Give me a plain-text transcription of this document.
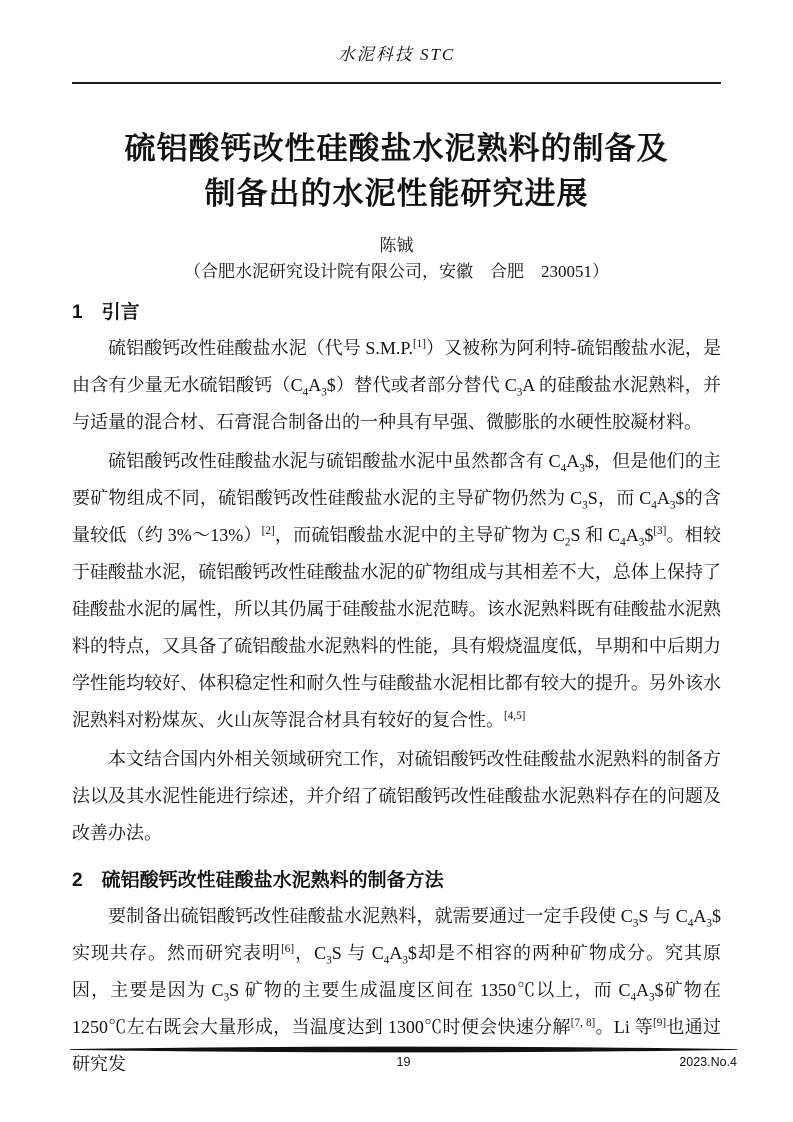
水泥科技 STC
硫铝酸钙改性硅酸盐水泥熟料的制备及
制备出的水泥性能研究进展
陈铖
（合肥水泥研究设计院有限公司，安徽　合肥　230051）
1　引言

硫铝酸钙改性硅酸盐水泥（代号 S.M.P.[1]）又被称为阿利特-硫铝酸盐水泥，是由含有少量无水硫铝酸钙$(C_4A_3\$)$替代或者部分替代 $C_3A$ 的硅酸盐水泥熟料，并与适量的混合材、石膏混合制备出的一种具有早强、微膨胀的水硬性胶凝材料。

硫铝酸钙改性硅酸盐水泥与硫铝酸盐水泥中虽然都含有 $C_4A_3\$$，但是他们的主要矿物组成不同，硫铝酸钙改性硅酸盐水泥的主导矿物仍然为 $C_3S$，而 $C_4A_3\$$的含量较低（约 3%～13%）[2]，而硫铝酸盐水泥中的主导矿物为 $C_2S$ 和 $C_4A_3\$[3]$。相较于硅酸盐水泥，硫铝酸钙改性硅酸盐水泥的矿物组成与其相差不大，总体上保持了硅酸盐水泥的属性，所以其仍属于硅酸盐水泥范畴。该水泥熟料既有硅酸盐水泥熟料的特点，又具备了硫铝酸盐水泥熟料的性能，具有煅烧温度低，早期和中后期力学性能均较好、体积稳定性和耐久性与硅酸盐水泥相比都有较大的提升。另外该水泥熟料对粉煤灰、火山灰等混合材具有较好的复合性。[4,5]

本文结合国内外相关领域研究工作，对硫铝酸钙改性硅酸盐水泥熟料的制备方法以及其水泥性能进行综述，并介绍了硫铝酸钙改性硅酸盐水泥熟料存在的问题及改善办法。

2　硫铝酸钙改性硅酸盐水泥熟料的制备方法

要制备出硫铝酸钙改性硅酸盐水泥熟料，就需要通过一定手段使 $C_3S$ 与 $C_4A_3\$$ 实现共存。然而研究表明[6]，$C_3S$ 与 $C_4A_3\$$却是不相容的两种矿物成分。究其原因，主要是因为 $C_3S$ 矿物的主要生成温度区间在 1350℃以上，而 $C_4A_3\$$矿物在 1250℃左右既会大量形成，当温度达到 1300℃时便会快速分解[7, 8]。Li 等[9]也通过研究发	19	2023.No.4
